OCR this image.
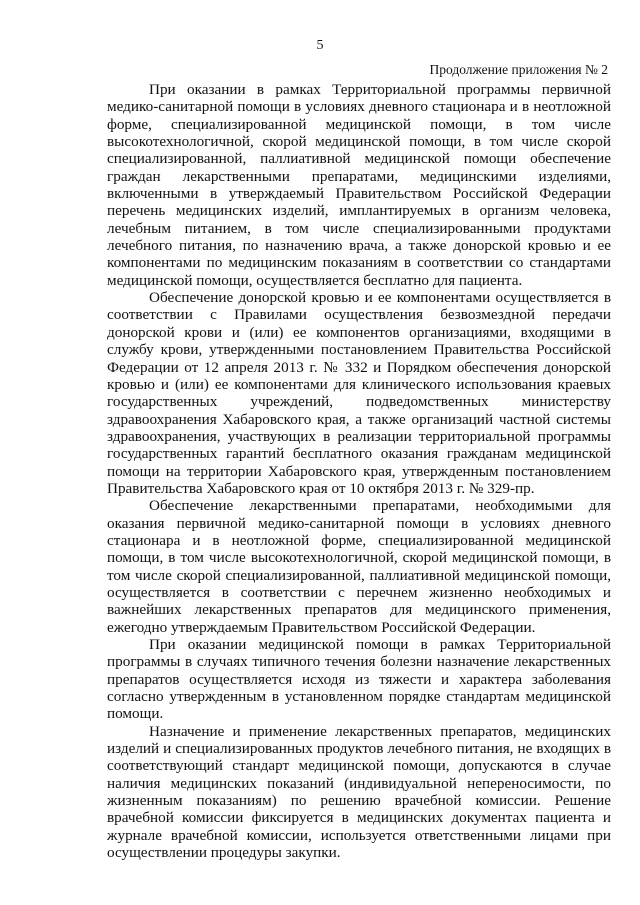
5
Продолжение приложения № 2

При оказании в рамках Территориальной программы первичной медико-санитарной помощи в условиях дневного стационара и в неотложной форме, специализированной медицинской помощи, в том числе высокотехнологичной, скорой медицинской помощи, в том числе скорой специализированной, паллиативной медицинской помощи обеспечение граждан лекарственными препаратами, медицинскими изделиями, включенными в утверждаемый Правительством Российской Федерации перечень медицинских изделий, имплантируемых в организм человека, лечебным питанием, в том числе специализированными продуктами лечебного питания, по назначению врача, а также донорской кровью и ее компонентами по медицинским показаниям в соответствии со стандартами медицинской помощи, осуществляется бесплатно для пациента.

Обеспечение донорской кровью и ее компонентами осуществляется в соответствии с Правилами осуществления безвозмездной передачи донорской крови и (или) ее компонентов организациями, входящими в службу крови, утвержденными постановлением Правительства Российской Федерации от 12 апреля 2013 г. № 332 и Порядком обеспечения донорской кровью и (или) ее компонентами для клинического использования краевых государственных учреждений, подведомственных министерству здравоохранения Хабаровского края, а также организаций частной системы здравоохранения, участвующих в реализации территориальной программы государственных гарантий бесплатного оказания гражданам медицинской помощи на территории Хабаровского края, утвержденным постановлением Правительства Хабаровского края от 10 октября 2013 г. № 329-пр.

Обеспечение лекарственными препаратами, необходимыми для оказания первичной медико-санитарной помощи в условиях дневного стационара и в неотложной форме, специализированной медицинской помощи, в том числе высокотехнологичной, скорой медицинской помощи, в том числе скорой специализированной, паллиативной медицинской помощи, осуществляется в соответствии с перечнем жизненно необходимых и важнейших лекарственных препаратов для медицинского применения, ежегодно утверждаемым Правительством Российской Федерации.

При оказании медицинской помощи в рамках Территориальной программы в случаях типичного течения болезни назначение лекарственных препаратов осуществляется исходя из тяжести и характера заболевания согласно утвержденным в установленном порядке стандартам медицинской помощи.

Назначение и применение лекарственных препаратов, медицинских изделий и специализированных продуктов лечебного питания, не входящих в соответствующий стандарт медицинской помощи, допускаются в случае наличия медицинских показаний (индивидуальной непереносимости, по жизненным показаниям) по решению врачебной комиссии. Решение врачебной комиссии фиксируется в медицинских документах пациента и журнале врачебной комиссии, используется ответственными лицами при осуществлении процедуры закупки.
